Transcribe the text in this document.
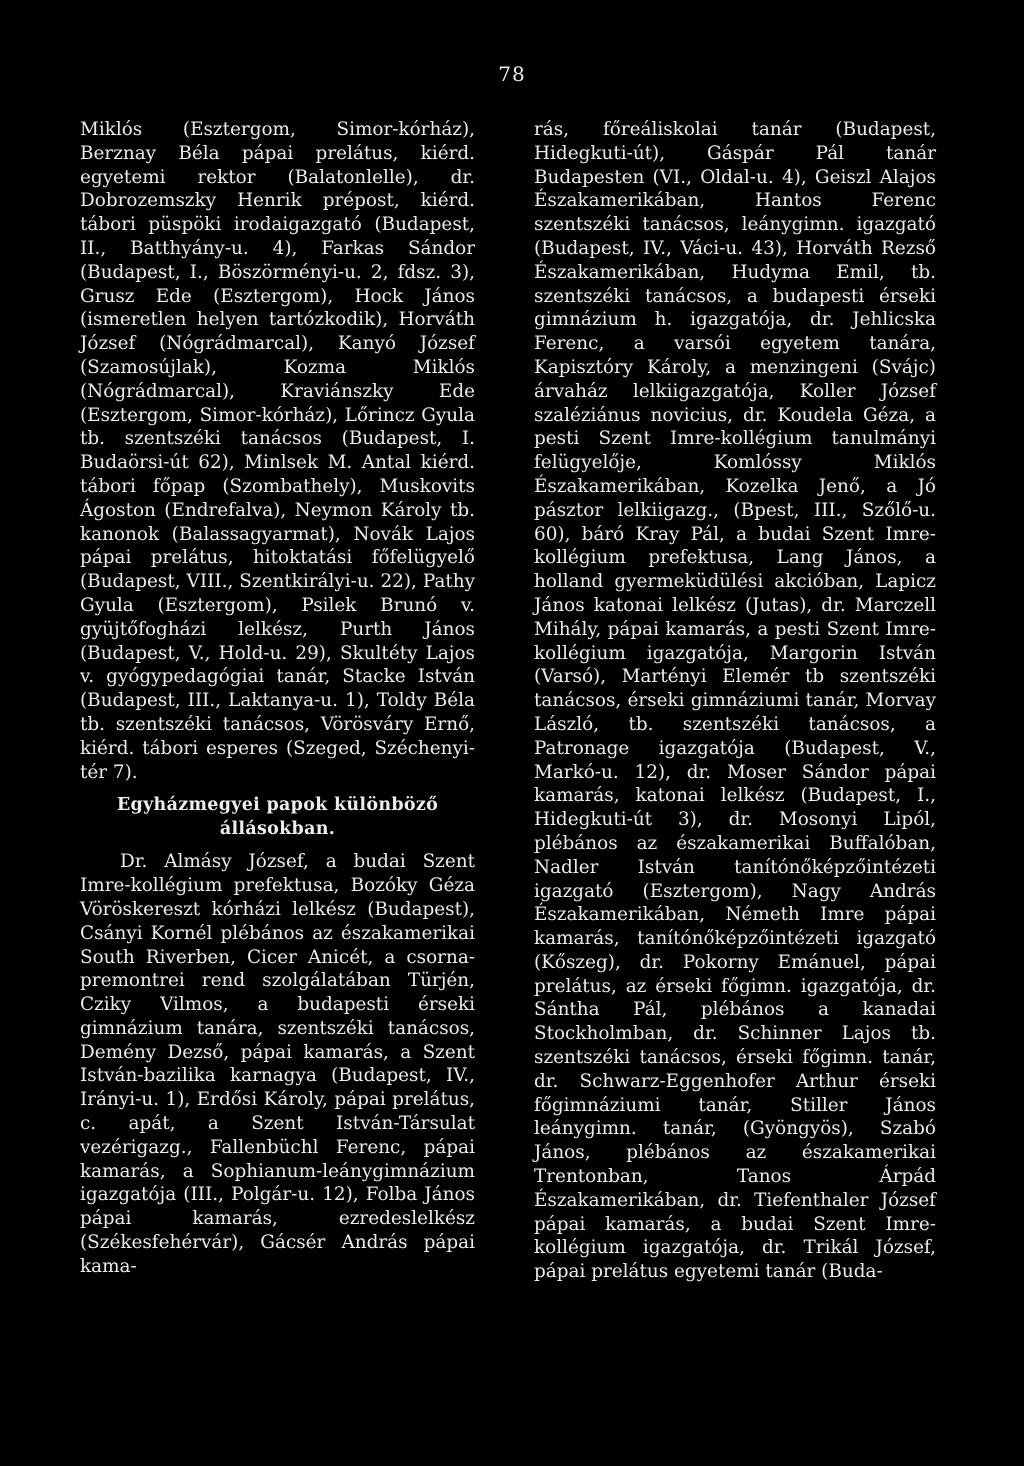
78

Miklós (Esztergom, Simor-kórház), Berznay Béla pápai prelátus, kiérd. egyetemi rektor (Balatonlelle), dr. Dobrozemszky Henrik prépost, kiérd. tábori püspöki irodaigazgató (Budapest, II., Batthyány-u. 4), Farkas Sándor (Budapest, I., Böszörményi-u. 2, fdsz. 3), Grusz Ede (Esztergom), Hock János (ismeretlen helyen tartózkodik), Horváth József (Nógrádmarcal), Kanyó József (Szamosújlak), Kozma Miklós (Nógrádmarcal), Kraviánszky Ede (Esztergom, Simor-kórház), Lőrincz Gyula tb. szentszéki tanácsos (Budapest, I. Budaörsi-út 62), Minlsek M. Antal kiérd. tábori főpap (Szombathely), Muskovits Ágoston (Endrefalva), Neymon Károly tb. kanonok (Balassagyarmat), Novák Lajos pápai prelátus, hitoktatási főfelügyelő (Budapest, VIII., Szentkirályi-u. 22), Pathy Gyula (Esztergom), Psilek Brunó v. gyüjtőfogházi lelkész, Purth János (Budapest, V., Hold-u. 29), Skultéty Lajos v. gyógypedagógiai tanár, Stacke István (Budapest, III., Laktanya-u. 1), Toldy Béla tb. szentszéki tanácsos, Vörösváry Ernő, kiérd. tábori esperes (Szeged, Széchenyi-tér 7).

Egyházmegyei papok különböző állásokban.

Dr. Almásy József, a budai Szent Imre-kollégium prefektusa, Bozóky Géza Vöröskereszt kórházi lelkész (Budapest), Csányi Kornél plébános az északamerikai South Riverben, Cicer Anicét, a csorna-premontrei rend szolgálatában Türjén, Cziky Vilmos, a budapesti érseki gimnázium tanára, szentszéki tanácsos, Demény Dezső, pápai kamarás, a Szent István-bazilika karnagya (Budapest, IV., Irányi-u. 1), Erdősi Károly, pápai prelátus, c. apát, a Szent István-Társulat vezérigazg., Fallenbüchl Ferenc, pápai kamarás, a Sophianum-leánygimnázium igazgatója (III., Polgár-u. 12), Folba János pápai kamarás, ezredeslelkész (Székesfehérvár), Gácsér András pápai kama-

rás, főreáliskolai tanár (Budapest, Hidegkuti-út), Gáspár Pál tanár Budapesten (VI., Oldal-u. 4), Geiszl Alajos Északamerikában, Hantos Ferenc szentszéki tanácsos, leánygimn. igazgató (Budapest, IV., Váci-u. 43), Horváth Rezső Északamerikában, Hudyma Emil, tb. szentszéki tanácsos, a budapesti érseki gimnázium h. igazgatója, dr. Jehlicska Ferenc, a varsói egyetem tanára, Kapisztóry Károly, a menzingeni (Svájc) árvaház lelkiigazgatója, Koller József szaléziánus novicius, dr. Koudela Géza, a pesti Szent Imre-kollégium tanulmányi felügyelője, Komlóssy Miklós Északamerikában, Kozelka Jenő, a Jó pásztor lelkiigazg., (Bpest, III., Szőlő-u. 60), báró Kray Pál, a budai Szent Imre-kollégium prefektusa, Lang János, a holland gyermeküdülési akcióban, Lapicz János katonai lelkész (Jutas), dr. Marczell Mihály, pápai kamarás, a pesti Szent Imre-kollégium igazgatója, Margorin István (Varsó), Martényi Elemér tb szentszéki tanácsos, érseki gimnáziumi tanár, Morvay László, tb. szentszéki tanácsos, a Patronage igazgatója (Budapest, V., Markó-u. 12), dr. Moser Sándor pápai kamarás, katonai lelkész (Budapest, I., Hidegkuti-út 3), dr. Mosonyi Lipól, plébános az északamerikai Buffalóban, Nadler István tanítónőképzőintézeti igazgató (Esztergom), Nagy András Északamerikában, Németh Imre pápai kamarás, tanítónőképzőintézeti igazgató (Kőszeg), dr. Pokorny Emánuel, pápai prelátus, az érseki főgimn. igazgatója, dr. Sántha Pál, plébános a kanadai Stockholmban, dr. Schinner Lajos tb. szentszéki tanácsos, érseki főgimn. tanár, dr. Schwarz-Eggenhofer Arthur érseki főgimnáziumi tanár, Stiller János leánygimn. tanár, (Gyöngyös), Szabó János, plébános az északamerikai Trentonban, Tanos Árpád Északamerikában, dr. Tiefenthaler József pápai kamarás, a budai Szent Imre-kollégium igazgatója, dr. Trikál József, pápai prelátus egyetemi tanár (Buda-
